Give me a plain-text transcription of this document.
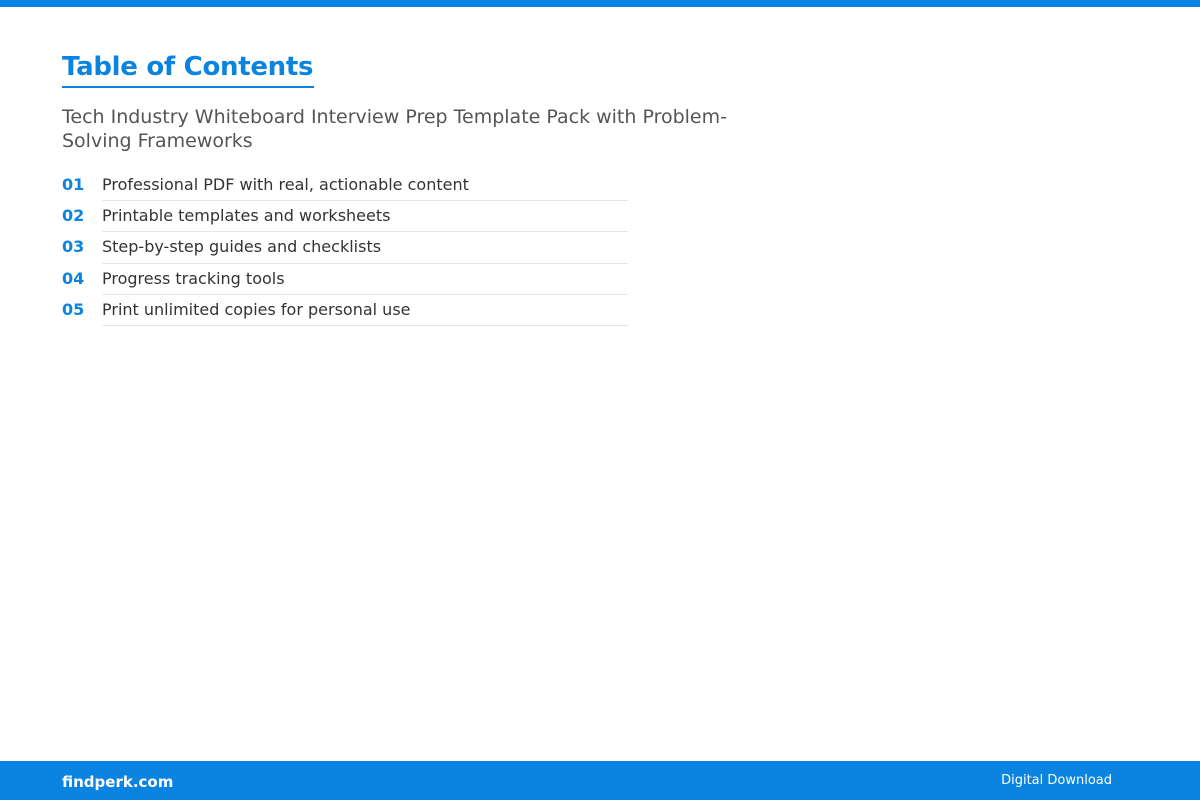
Table of Contents

Tech Industry Whiteboard Interview Prep Template Pack with Problem-Solving Frameworks

01 Professional PDF with real, actionable content
02 Printable templates and worksheets
03 Step-by-step guides and checklists
04 Progress tracking tools
05 Print unlimited copies for personal use
findperk.com	Digital Download
